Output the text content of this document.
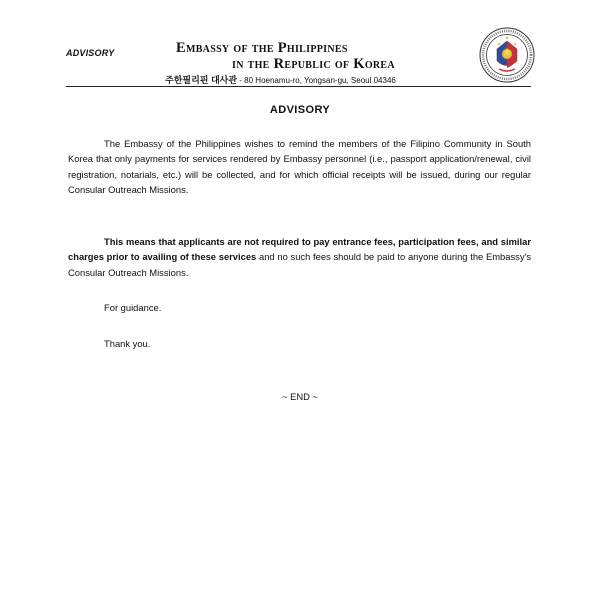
ADVISORY	Embassy of the Philippines
in the Republic of Korea
주한필리핀 대사관 - 80 Hoenamu-ro, Yongsan-gu, Seoul 04346
ADVISORY

The Embassy of the Philippines wishes to remind the members of the Filipino Community in South Korea that only payments for services rendered by Embassy personnel (i.e., passport application/renewal, civil registration, notarials, etc.) will be collected, and for which official receipts will be issued, during our regular Consular Outreach Missions.

This means that applicants are not required to pay entrance fees, participation fees, and similar charges prior to availing of these services and no such fees should be paid to anyone during the Embassy's Consular Outreach Missions.

For guidance.
Thank you.
~ END ~
